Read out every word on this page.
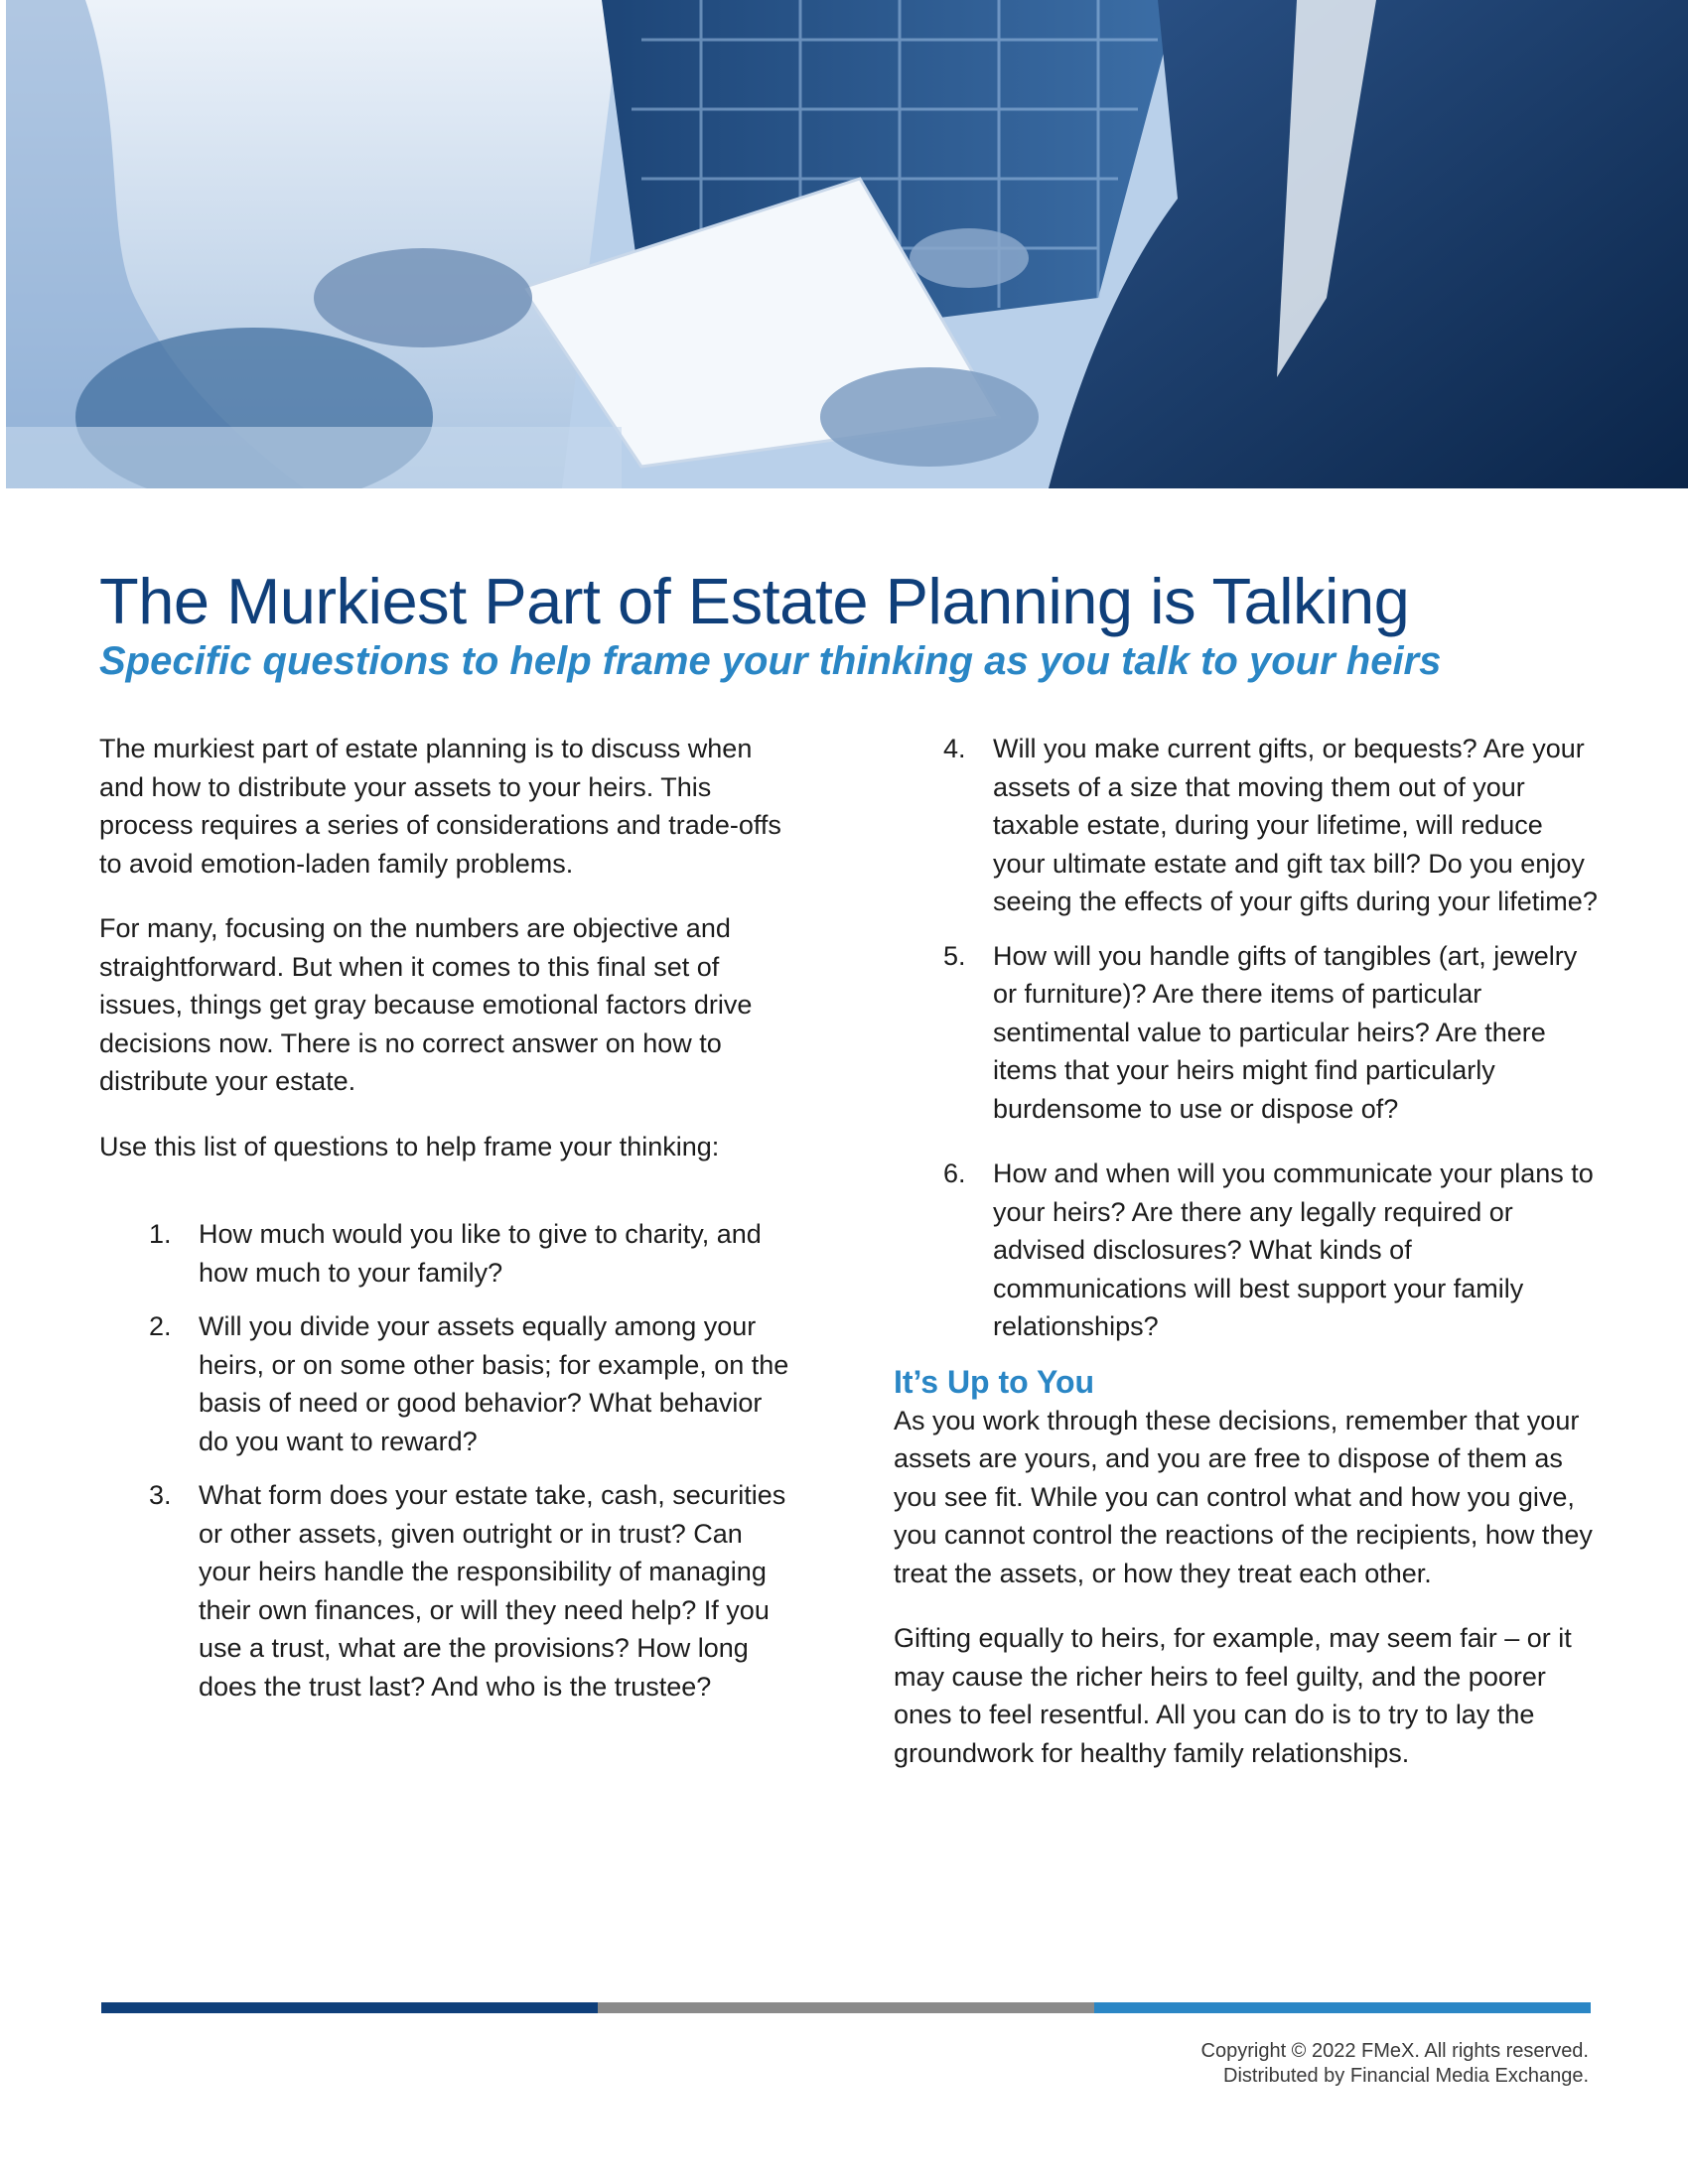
The Murkiest Part of Estate Planning is Talking
Specific questions to help frame your thinking as you talk to your heirs

The murkiest part of estate planning is to discuss when and how to distribute your assets to your heirs. This process requires a series of considerations and trade-offs to avoid emotion-laden family problems.

For many, focusing on the numbers are objective and straightforward. But when it comes to this final set of issues, things get gray because emotional factors drive decisions now. There is no correct answer on how to distribute your estate.

Use this list of questions to help frame your thinking:

1. How much would you like to give to charity, and how much to your family?
2. Will you divide your assets equally among your heirs, or on some other basis; for example, on the basis of need or good behavior? What behavior do you want to reward?
3. What form does your estate take, cash, securities or other assets, given outright or in trust? Can your heirs handle the responsibility of managing their own finances, or will they need help? If you use a trust, what are the provisions? How long does the trust last? And who is the trustee?
4. Will you make current gifts, or bequests? Are your assets of a size that moving them out of your taxable estate, during your lifetime, will reduce your ultimate estate and gift tax bill? Do you enjoy seeing the effects of your gifts during your lifetime?
5. How will you handle gifts of tangibles (art, jewelry or furniture)? Are there items of particular sentimental value to particular heirs? Are there items that your heirs might find particularly burdensome to use or dispose of?
6. How and when will you communicate your plans to your heirs? Are there any legally required or advised disclosures? What kinds of communications will best support your family relationships?
It’s Up to You

As you work through these decisions, remember that your assets are yours, and you are free to dispose of them as you see fit. While you can control what and how you give, you cannot control the reactions of the recipients, how they treat the assets, or how they treat each other.

Gifting equally to heirs, for example, may seem fair – or it may cause the richer heirs to feel guilty, and the poorer ones to feel resentful. All you can do is to try to lay the groundwork for healthy family relationships.

Copyright © 2022 FMeX. All rights reserved.
Distributed by Financial Media Exchange.
